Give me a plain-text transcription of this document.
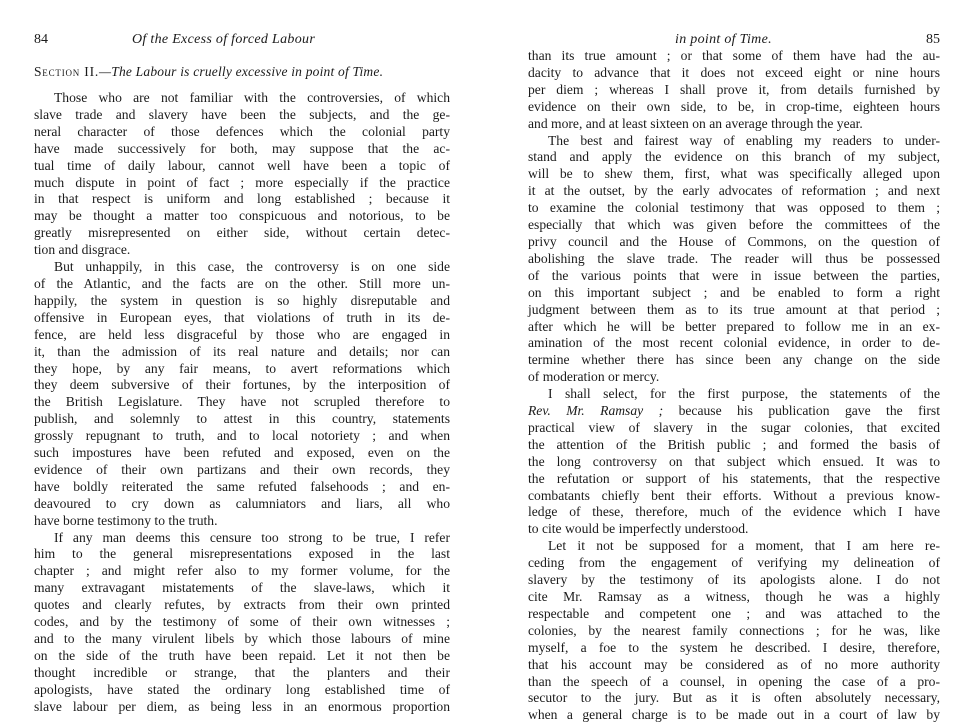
84	Of the Excess of forced Labour
Section II.—The Labour is cruelly excessive in point of Time.
Those who are not familiar with the controversies, of which
slave trade and slavery have been the subjects, and the ge-
neral character of those defences which the colonial party
have made successively for both, may suppose that the ac-
tual time of daily labour, cannot well have been a topic of
much dispute in point of fact ; more especially if the practice
in that respect is uniform and long established ; because it
may be thought a matter too conspicuous and notorious, to be
greatly misrepresented on either side, without certain detec-
tion and disgrace.
But unhappily, in this case, the controversy is on one side
of the Atlantic, and the facts are on the other. Still more un-
happily, the system in question is so highly disreputable and
offensive in European eyes, that violations of truth in its de-
fence, are held less disgraceful by those who are engaged in
it, than the admission of its real nature and details; nor can
they hope, by any fair means, to avert reformations which
they deem subversive of their fortunes, by the interposition of
the British Legislature. They have not scrupled therefore to
publish, and solemnly to attest in this country, statements
grossly repugnant to truth, and to local notoriety ; and when
such impostures have been refuted and exposed, even on the
evidence of their own partizans and their own records, they
have boldly reiterated the same refuted falsehoods ; and en-
deavoured to cry down as calumniators and liars, all who
have borne testimony to the truth.
If any man deems this censure too strong to be true, I refer
him to the general misrepresentations exposed in the last
chapter ; and might refer also to my former volume, for the
many extravagant mistatements of the slave-laws, which it
quotes and clearly refutes, by extracts from their own printed
codes, and by the testimony of some of their own witnesses ;
and to the many virulent libels by which those labours of mine
on the side of the truth have been repaid. Let it not then be
thought incredible or strange, that the planters and their
apologists, have stated the ordinary long established time of
slave labour per diem, as being less in an enormous proportion
in point of Time.	85
than its true amount ; or that some of them have had the au-
dacity to advance that it does not exceed eight or nine hours
per diem ; whereas I shall prove it, from details furnished by
evidence on their own side, to be, in crop-time, eighteen hours
and more, and at least sixteen on an average through the year.
The best and fairest way of enabling my readers to under-
stand and apply the evidence on this branch of my subject,
will be to shew them, first, what was specifically alleged upon
it at the outset, by the early advocates of reformation ; and next
to examine the colonial testimony that was opposed to them ;
especially that which was given before the committees of the
privy council and the House of Commons, on the question of
abolishing the slave trade. The reader will thus be possessed
of the various points that were in issue between the parties,
on this important subject ; and be enabled to form a right
judgment between them as to its true amount at that period ;
after which he will be better prepared to follow me in an ex-
amination of the most recent colonial evidence, in order to de-
termine whether there has since been any change on the side
of moderation or mercy.
I shall select, for the first purpose, the statements of the
Rev. Mr. Ramsay ; because his publication gave the first
practical view of slavery in the sugar colonies, that excited
the attention of the British public ; and formed the basis of
the long controversy on that subject which ensued. It was to
the refutation or support of his statements, that the respective
combatants chiefly bent their efforts. Without a previous know-
ledge of these, therefore, much of the evidence which I have
to cite would be imperfectly understood.
Let it not be supposed for a moment, that I am here re-
ceding from the engagement of verifying my delineation of
slavery by the testimony of its apologists alone. I do not
cite Mr. Ramsay as a witness, though he was a highly
respectable and competent one ; and was attached to the
colonies, by the nearest family connections ; for he was, like
myself, a foe to the system he described. I desire, therefore,
that his account may be considered as of no more authority
than the speech of a counsel, in opening the case of a pro-
secutor to the jury. But as it is often absolutely necessary,
when a general charge is to be made out in a court of law by
